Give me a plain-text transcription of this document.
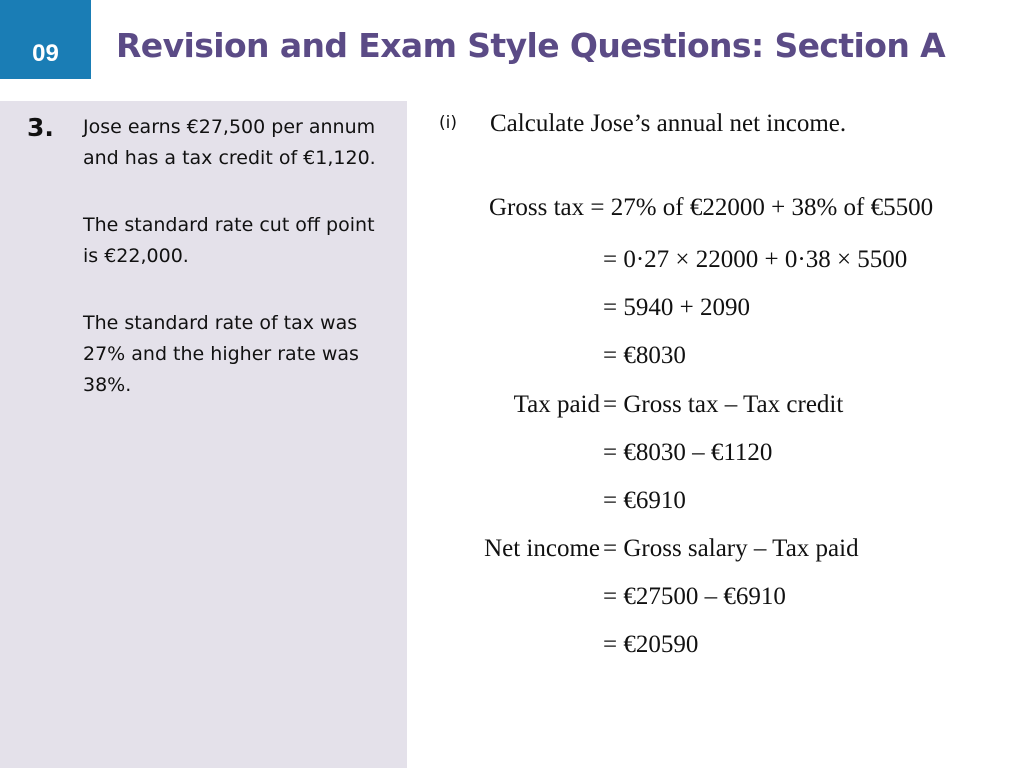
09 Revision and Exam Style Questions: Section A
3. Jose earns €27,500 per annum and has a tax credit of €1,120.

The standard rate cut off point is €22,000.

The standard rate of tax was 27% and the higher rate was 38%.

(i) Calculate Jose’s annual net income.
Gross tax = 27% of €22000 + 38% of €5500
= 0·27 × 22000 + 0·38 × 5500
= 5940 + 2090
= €8030
Tax paid = Gross tax – Tax credit
= €8030 – €1120
= €6910
Net income = Gross salary – Tax paid
= €27500 – €6910
= €20590
